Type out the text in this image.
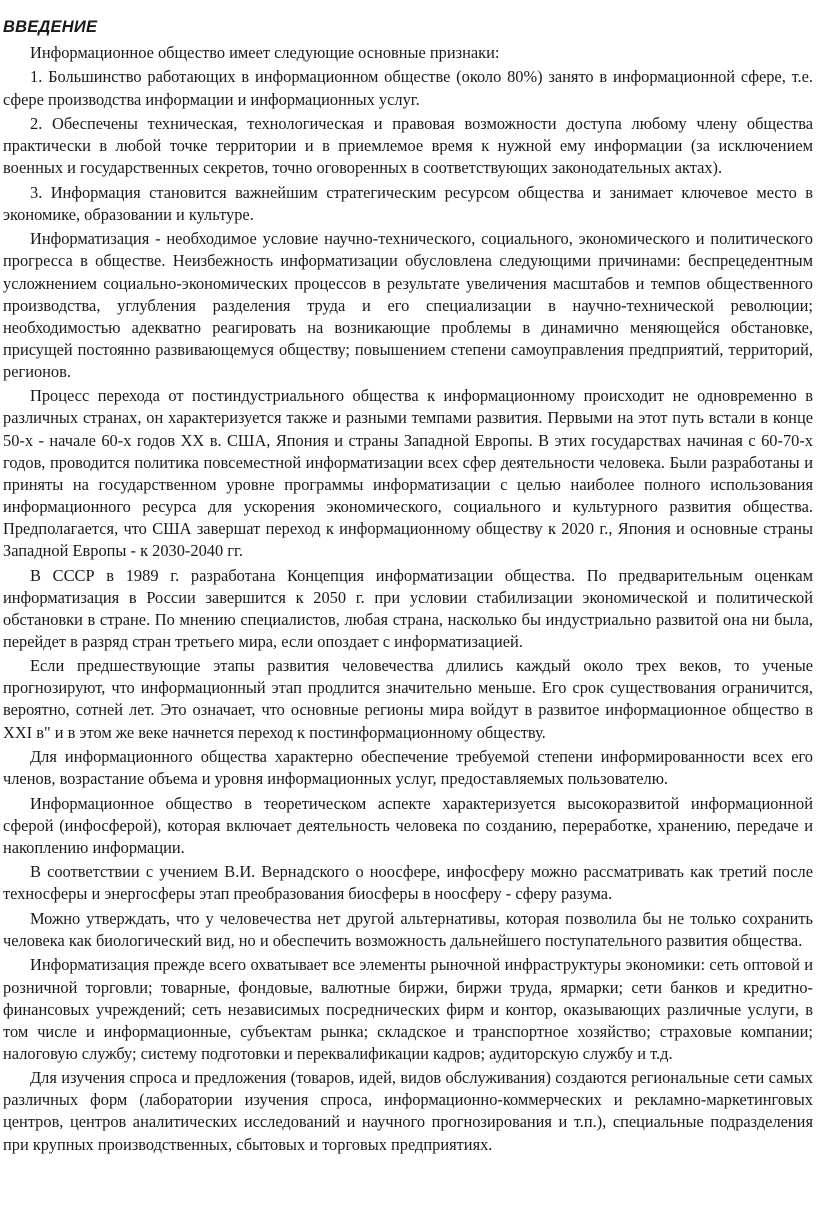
ВВЕДЕНИЕ

Информационное общество имеет следующие основные признаки:

1. Большинство работающих в информационном обществе (около 80%) занято в информационной сфере, т.е. сфере производства информации и информационных услуг.

2. Обеспечены техническая, технологическая и правовая возможности доступа любому члену общества практически в любой точке территории и в приемлемое время к нужной ему информации (за исключением военных и государственных секретов, точно оговоренных в соответствующих законодательных актах).

3. Информация становится важнейшим стратегическим ресурсом общества и занимает ключевое место в экономике, образовании и культуре.

Информатизация - необходимое условие научно-технического, социального, экономического и политического прогресса в обществе. Неизбежность информатизации обусловлена следующими причинами: беспрецедентным усложнением социально-экономических процессов в результате увеличения масштабов и темпов общественного производства, углубления разделения труда и его специализации в научно-технической революции; необходимостью адекватно реагировать на возникающие проблемы в динамично меняющейся обстановке, присущей постоянно развивающемуся обществу; повышением степени самоуправления предприятий, территорий, регионов.

Процесс перехода от постиндустриального общества к информационному происходит не одновременно в различных странах, он характеризуется также и разными темпами развития. Первыми на этот путь встали в конце 50-х - начале 60-х годов XX в. США, Япония и страны Западной Европы. В этих государствах начиная с 60-70-х годов, проводится политика повсеместной информатизации всех сфер деятельности человека. Были разработаны и приняты на государственном уровне программы информатизации с целью наиболее полного использования информационного ресурса для ускорения экономического, социального и культурного развития общества. Предполагается, что США завершат переход к информационному обществу к 2020 г., Япония и основные страны Западной Европы - к 2030-2040 гг.

В СССР в 1989 г. разработана Концепция информатизации общества. По предварительным оценкам информатизация в России завершится к 2050 г. при условии стабилизации экономической и политической обстановки в стране. По мнению специалистов, любая страна, насколько бы индустриально развитой она ни была, перейдет в разряд стран третьего мира, если опоздает с информатизацией.

Если предшествующие этапы развития человечества длились каждый около трех веков, то ученые прогнозируют, что информационный этап продлится значительно меньше. Его срок существования ограничится, вероятно, сотней лет. Это означает, что основные регионы мира войдут в развитое информационное общество в XXI в" и в этом же веке начнется переход к постинформационному обществу.

Для информационного общества характерно обеспечение требуемой степени информированности всех его членов, возрастание объема и уровня информационных услуг, предоставляемых пользователю.

Информационное общество в теоретическом аспекте характеризуется высокоразвитой информационной сферой (инфосферой), которая включает деятельность человека по созданию, переработке, хранению, передаче и накоплению информации.

В соответствии с учением В.И. Вернадского о ноосфере, инфосферу можно рассматривать как третий после техносферы и энергосферы этап преобразования биосферы в ноосферу - сферу разума.

Можно утверждать, что у человечества нет другой альтернативы, которая позволила бы не только сохранить человека как биологический вид, но и обеспечить возможность дальнейшего поступательного развития общества.

Информатизация прежде всего охватывает все элементы рыночной инфраструктуры экономики: сеть оптовой и розничной торговли; товарные, фондовые, валютные биржи, биржи труда, ярмарки; сети банков и кредитно-финансовых учреждений; сеть независимых посреднических фирм и контор, оказывающих различные услуги, в том числе и информационные, субъектам рынка; складское и транспортное хозяйство; страховые компании; налоговую службу; систему подготовки и переквалификации кадров; аудиторскую службу и т.д.

Для изучения спроса и предложения (товаров, идей, видов обслуживания) создаются региональные сети самых различных форм (лаборатории изучения спроса, информационно-коммерческих и рекламно-маркетинговых центров, центров аналитических исследований и научного прогнозирования и т.п.), специальные подразделения при крупных производственных, сбытовых и торговых предприятиях.
